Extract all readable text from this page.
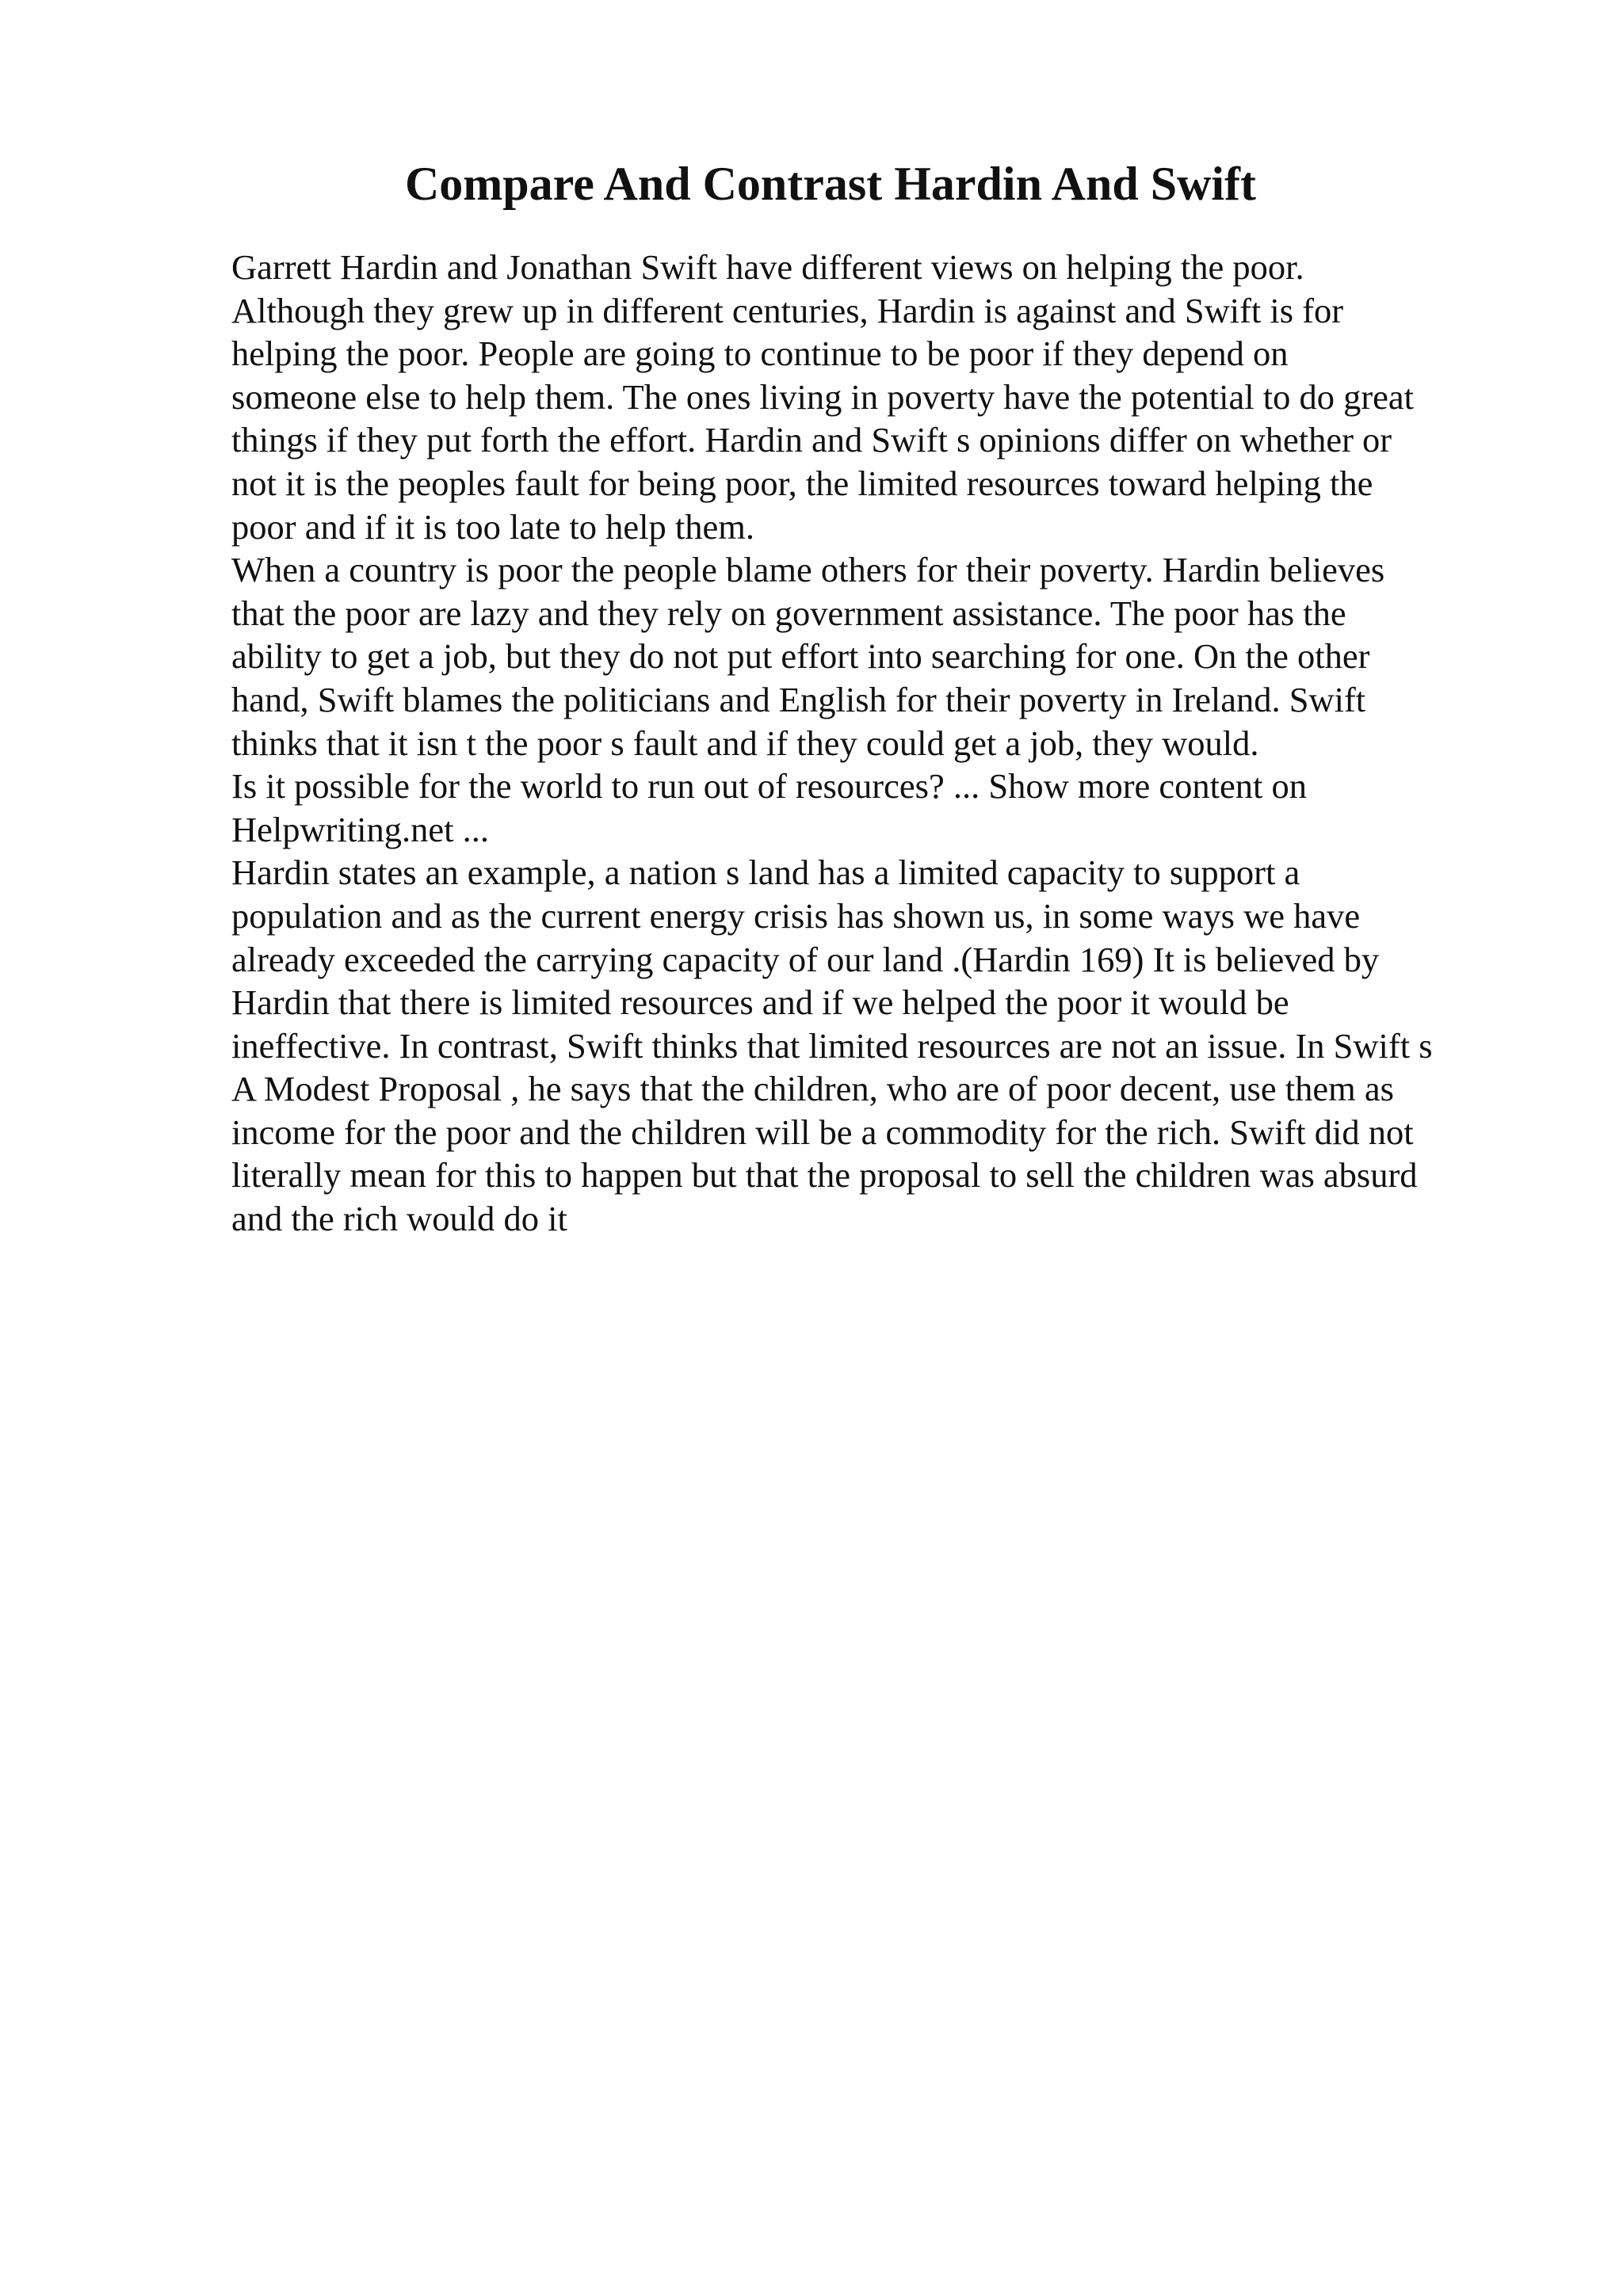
Compare And Contrast Hardin And Swift
Garrett Hardin and Jonathan Swift have different views on helping the poor.
Although they grew up in different centuries, Hardin is against and Swift is for
helping the poor. People are going to continue to be poor if they depend on
someone else to help them. The ones living in poverty have the potential to do great
things if they put forth the effort. Hardin and Swift s opinions differ on whether or
not it is the peoples fault for being poor, the limited resources toward helping the
poor and if it is too late to help them.
When a country is poor the people blame others for their poverty. Hardin believes
that the poor are lazy and they rely on government assistance. The poor has the
ability to get a job, but they do not put effort into searching for one. On the other
hand, Swift blames the politicians and English for their poverty in Ireland. Swift
thinks that it isn t the poor s fault and if they could get a job, they would.
Is it possible for the world to run out of resources? ... Show more content on
Helpwriting.net ...
Hardin states an example, a nation s land has a limited capacity to support a
population and as the current energy crisis has shown us, in some ways we have
already exceeded the carrying capacity of our land .(Hardin 169) It is believed by
Hardin that there is limited resources and if we helped the poor it would be
ineffective. In contrast, Swift thinks that limited resources are not an issue. In Swift s
A Modest Proposal , he says that the children, who are of poor decent, use them as
income for the poor and the children will be a commodity for the rich. Swift did not
literally mean for this to happen but that the proposal to sell the children was absurd
and the rich would do it
